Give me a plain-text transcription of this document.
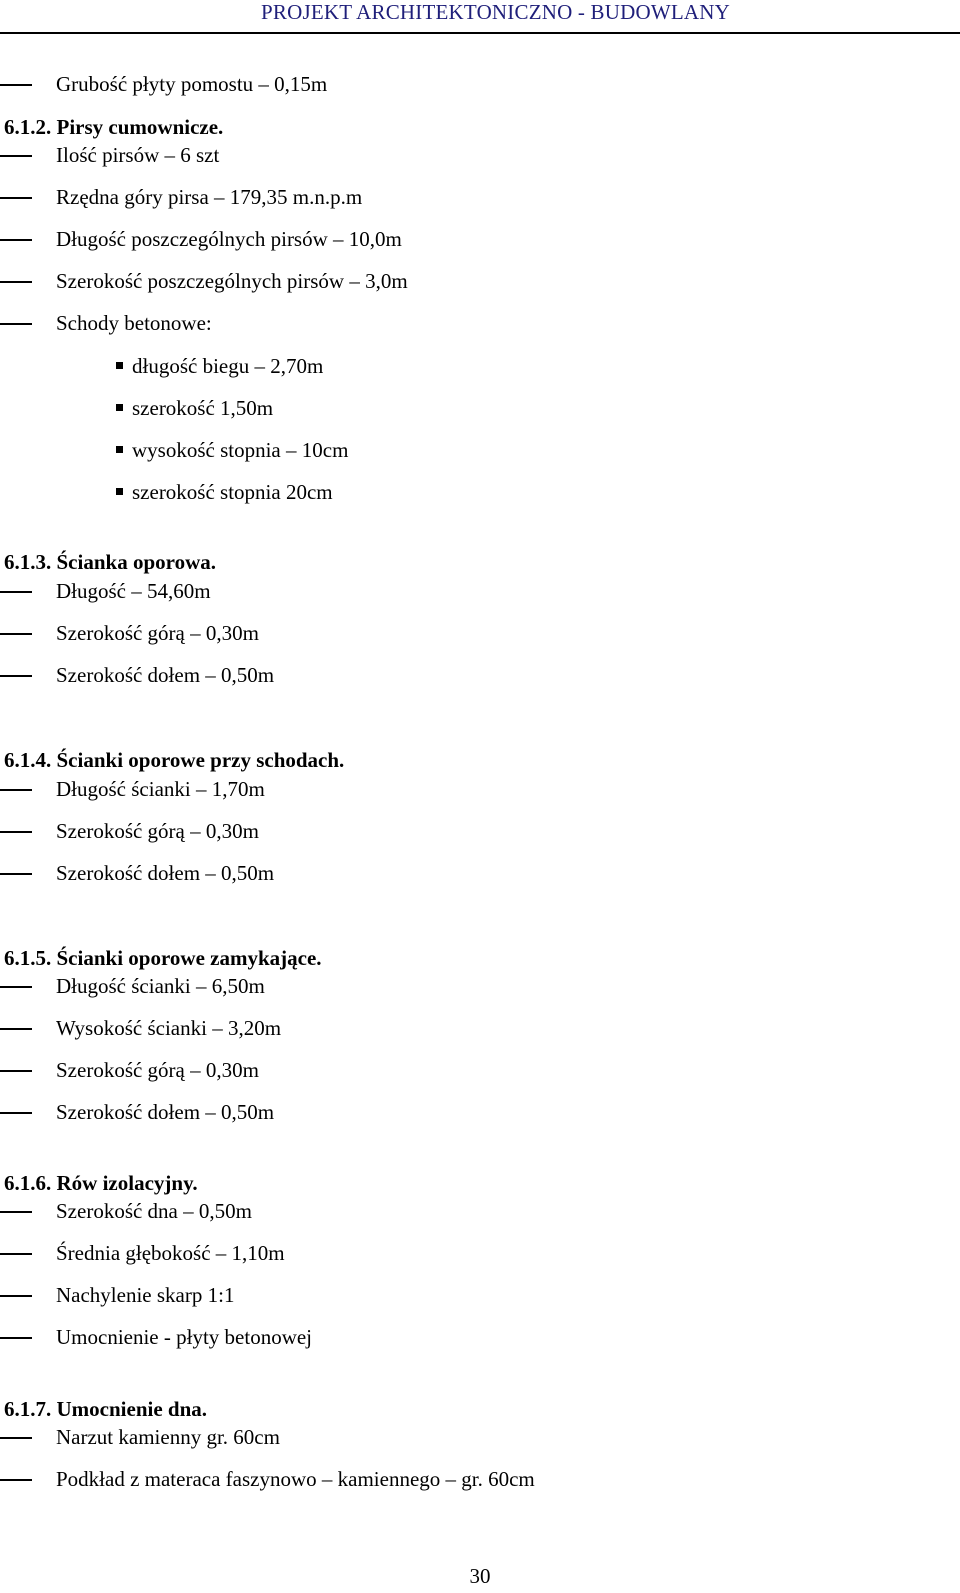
PROJEKT ARCHITEKTONICZNO - BUDOWLANY
Grubość płyty pomostu – 0,15m
6.1.2. Pirsy cumownicze.
Ilość pirsów – 6 szt
Rzędna góry pirsa – 179,35 m.n.p.m
Długość poszczególnych pirsów – 10,0m
Szerokość poszczególnych pirsów – 3,0m
Schody betonowe:
długość biegu – 2,70m
szerokość 1,50m
wysokość stopnia – 10cm
szerokość stopnia 20cm
6.1.3. Ścianka oporowa.
Długość – 54,60m
Szerokość górą – 0,30m
Szerokość dołem – 0,50m
6.1.4. Ścianki oporowe przy schodach.
Długość ścianki – 1,70m
Szerokość górą – 0,30m
Szerokość dołem – 0,50m
6.1.5. Ścianki oporowe zamykające.
Długość ścianki – 6,50m
Wysokość ścianki – 3,20m
Szerokość górą – 0,30m
Szerokość dołem – 0,50m
6.1.6. Rów izolacyjny.
Szerokość dna – 0,50m
Średnia głębokość – 1,10m
Nachylenie skarp 1:1
Umocnienie - płyty betonowej
6.1.7. Umocnienie dna.
Narzut kamienny gr. 60cm
Podkład z materaca faszynowo – kamiennego – gr. 60cm
30
